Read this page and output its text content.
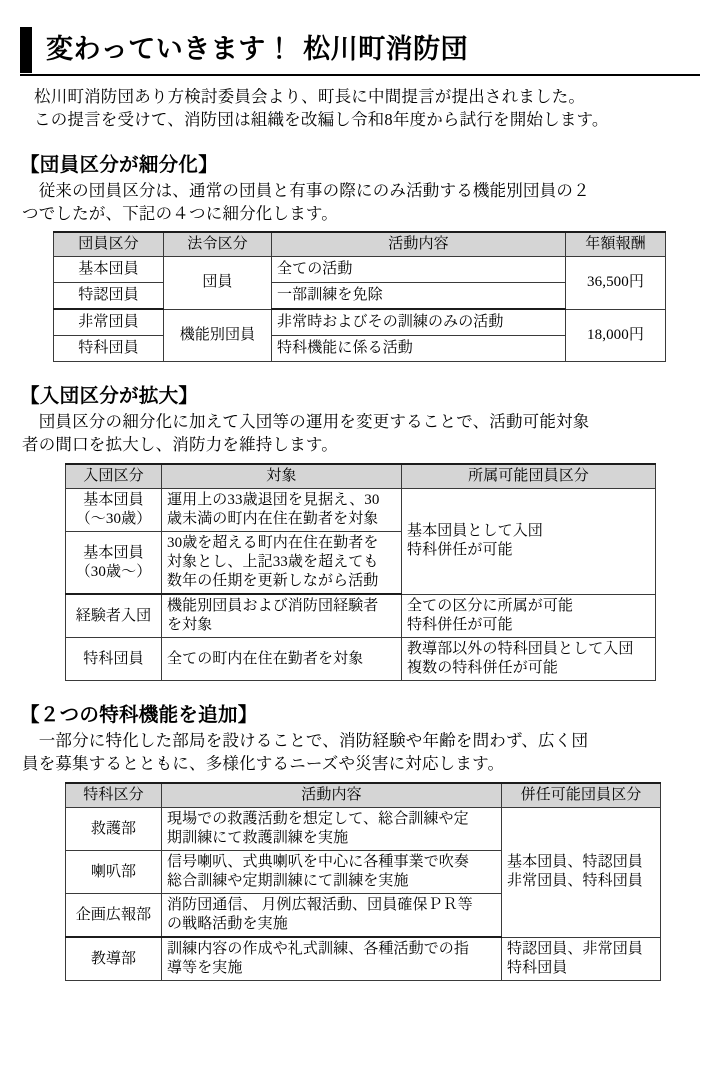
変わっていきます！ 松川町消防団
松川町消防団あり方検討委員会より、町長に中間提言が提出されました。
この提言を受けて、消防団は組織を改編し令和8年度から試行を開始します。
【団員区分が細分化】
　従来の団員区分は、通常の団員と有事の際にのみ活動する機能別団員の２
つでしたが、下記の４つに細分化します。
団員区分	法令区分	活動内容	年額報酬
基本団員	団員	全ての活動	36,500円
特認団員		一部訓練を免除	
非常団員	機能別団員	非常時およびその訓練のみの活動	18,000円
特科団員		特科機能に係る活動	
【入団区分が拡大】
　団員区分の細分化に加えて入団等の運用を変更することで、活動可能対象
者の間口を拡大し、消防力を維持します。
入団区分	対象	所属可能団員区分

基本団員
（～30歳）	運用上の33歳退団を見据え、30
歳未満の町内在住在勤者を対象	基本団員として入団
特科併任が可能

基本団員
（30歳～）	30歳を超える町内在住在勤者を
対象とし、上記33歳を超えても
数年の任期を更新しながら活動	

経験者入団	機能別団員および消防団経験者
を対象	全ての区分に所属が可能
特科併任が可能

特科団員	全ての町内在住在勤者を対象	教導部以外の特科団員として入団
複数の特科併任が可能
【２つの特科機能を追加】
　一部分に特化した部局を設けることで、消防経験や年齢を問わず、広く団
員を募集するとともに、多様化するニーズや災害に対応します。
特科区分	活動内容	併任可能団員区分
救護部	現場での救護活動を想定して、総合訓練や定
期訓練にて救護訓練を実施	基本団員、特認団員
非常団員、特科団員

喇叭部	信号喇叭、式典喇叭を中心に各種事業で吹奏
総合訓練や定期訓練にて訓練を実施	

企画広報部	消防団通信、 月例広報活動、団員確保ＰＲ等
の戦略活動を実施	

教導部	訓練内容の作成や礼式訓練、各種活動での指
導等を実施	特認団員、非常団員
特科団員
